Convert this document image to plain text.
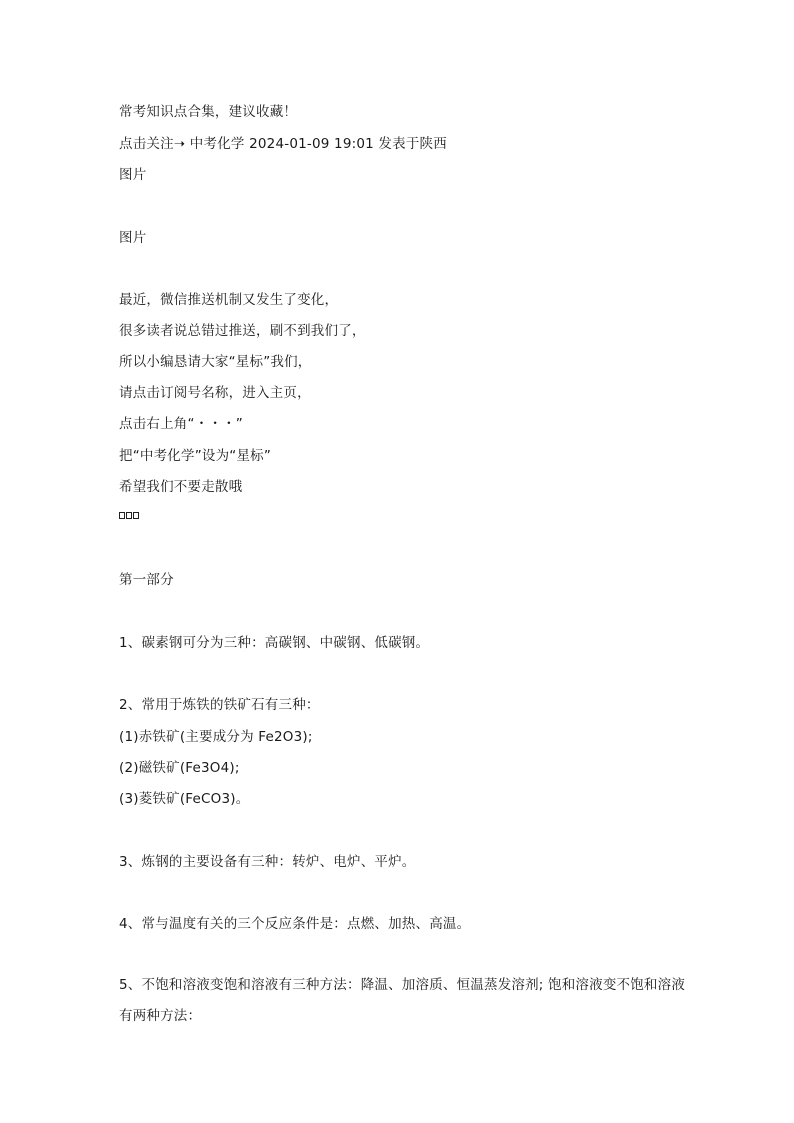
常考知识点合集，建议收藏！
点击关注➝ 中考化学 2024-01-09 19:01 发表于陕西
图片
图片
最近，微信推送机制又发生了变化，
很多读者说总错过推送，刷不到我们了，
所以小编恳请大家“星标”我们，
请点击订阅号名称，进入主页，
点击右上角“・・・”
把“中考化学”设为“星标”
希望我们不要走散哦
第一部分
1、碳素钢可分为三种：高碳钢、中碳钢、低碳钢。
2、常用于炼铁的铁矿石有三种：
(1)赤铁矿(主要成分为 Fe2O3);
(2)磁铁矿(Fe3O4);
(3)菱铁矿(FeCO3)。
3、炼钢的主要设备有三种：转炉、电炉、平炉。
4、常与温度有关的三个反应条件是：点燃、加热、高温。
5、不饱和溶液变饱和溶液有三种方法：降温、加溶质、恒温蒸发溶剂; 饱和溶液变不饱和溶液有两种方法：
